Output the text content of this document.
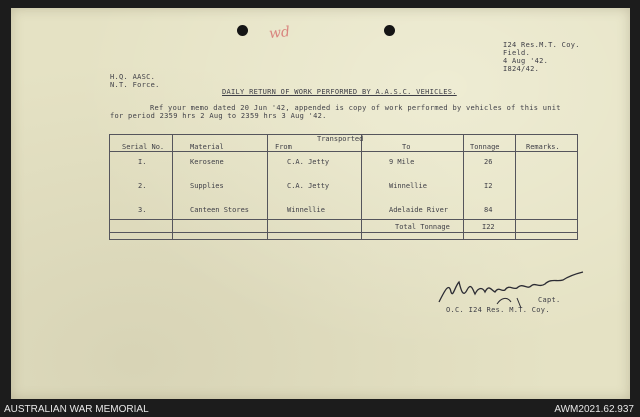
wd
I24 Res.M.T. Coy.
Field.
4 Aug '42.
I824/42.
H.Q. AASC.
N.T. Force.
DAILY RETURN OF WORK PERFORMED BY A.A.S.C. VEHICLES.
Ref your memo dated 20 Jun '42, appended is copy of work performed by vehicles of this unit
for period 2359 hrs 2 Aug to 2359 hrs 3 Aug '42.
Transported
Serial No.	Material	From	To	Tonnage	Remarks.
I.	Kerosene	C.A. Jetty	9 Mile	26
2.	Supplies	C.A. Jetty	Winnellie	I2
3.	Canteen Stores	Winnellie	Adelaide River	84
Total Tonnage	I22
Capt.
O.C. I24 Res. M.T. Coy.
AUSTRALIAN WAR MEMORIAL	AWM2021.62.937
